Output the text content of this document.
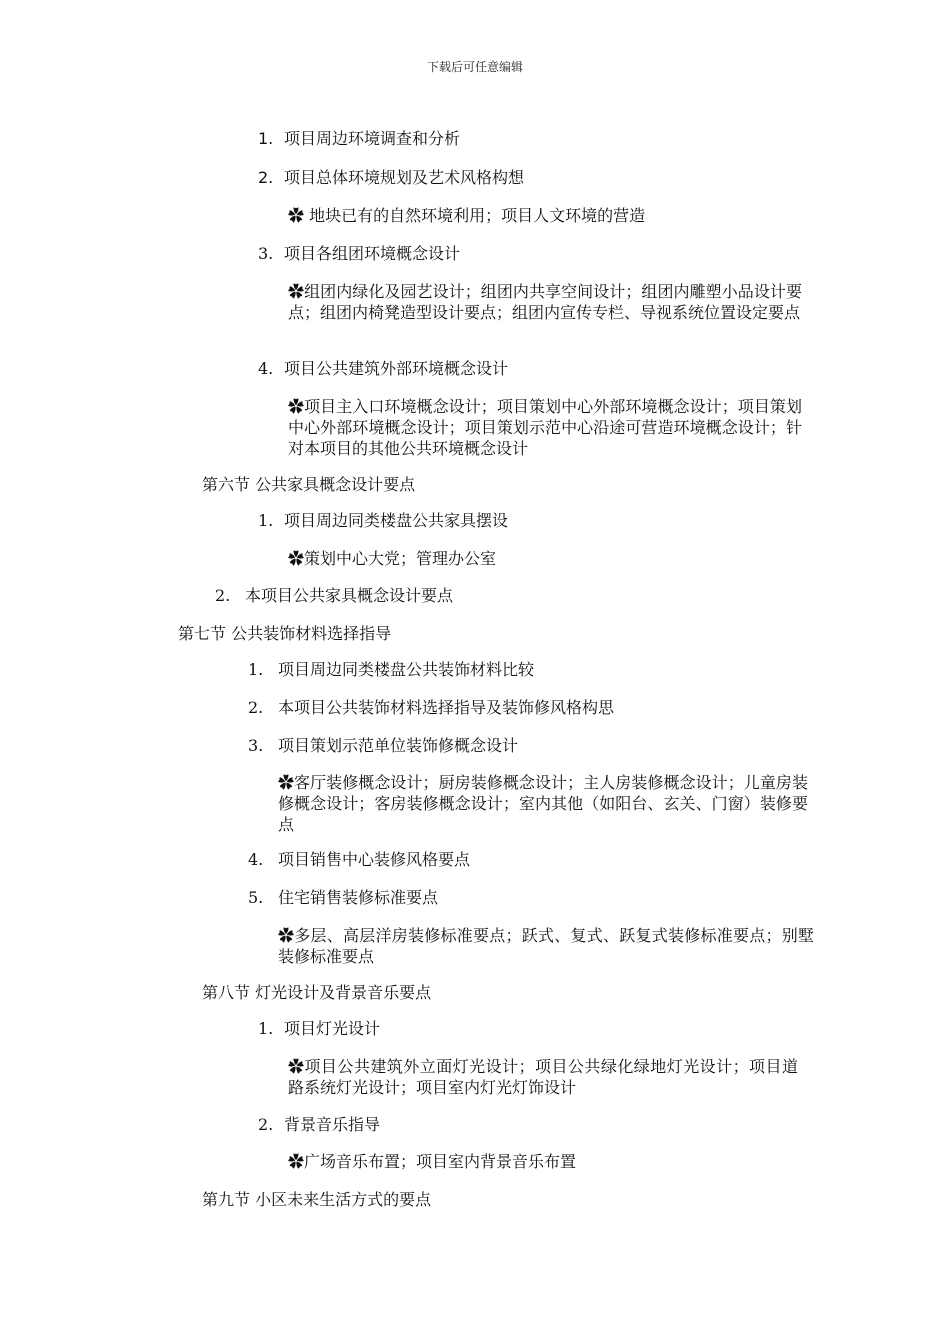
下载后可任意编辑
1. 项目周边环境调查和分析
2. 项目总体环境规划及艺术风格构想
✿ 地块已有的自然环境利用；项目人文环境的营造
3. 项目各组团环境概念设计
✿组团内绿化及园艺设计；组团内共享空间设计；组团内雕塑小品设计要点；组团内椅凳造型设计要点；组团内宣传专栏、导视系统位置设定要点
4. 项目公共建筑外部环境概念设计
✿项目主入口环境概念设计；项目策划中心外部环境概念设计；项目策划中心外部环境概念设计；项目策划示范中心沿途可营造环境概念设计；针对本项目的其他公共环境概念设计
第六节 公共家具概念设计要点
1. 项目周边同类楼盘公共家具摆设
✿策划中心大党；管理办公室
2. 本项目公共家具概念设计要点
第七节 公共装饰材料选择指导
1. 项目周边同类楼盘公共装饰材料比较
2. 本项目公共装饰材料选择指导及装饰修风格构思
3. 项目策划示范单位装饰修概念设计
✿客厅装修概念设计；厨房装修概念设计；主人房装修概念设计；儿童房装修概念设计；客房装修概念设计；室内其他（如阳台、玄关、门窗）装修要点
4. 项目销售中心装修风格要点
5. 住宅销售装修标准要点
✿多层、高层洋房装修标准要点；跃式、复式、跃复式装修标准要点；别墅装修标准要点
第八节 灯光设计及背景音乐要点
1. 项目灯光设计
✿项目公共建筑外立面灯光设计；项目公共绿化绿地灯光设计；项目道路系统灯光设计；项目室内灯光灯饰设计
2. 背景音乐指导
✿广场音乐布置；项目室内背景音乐布置
第九节 小区未来生活方式的要点
